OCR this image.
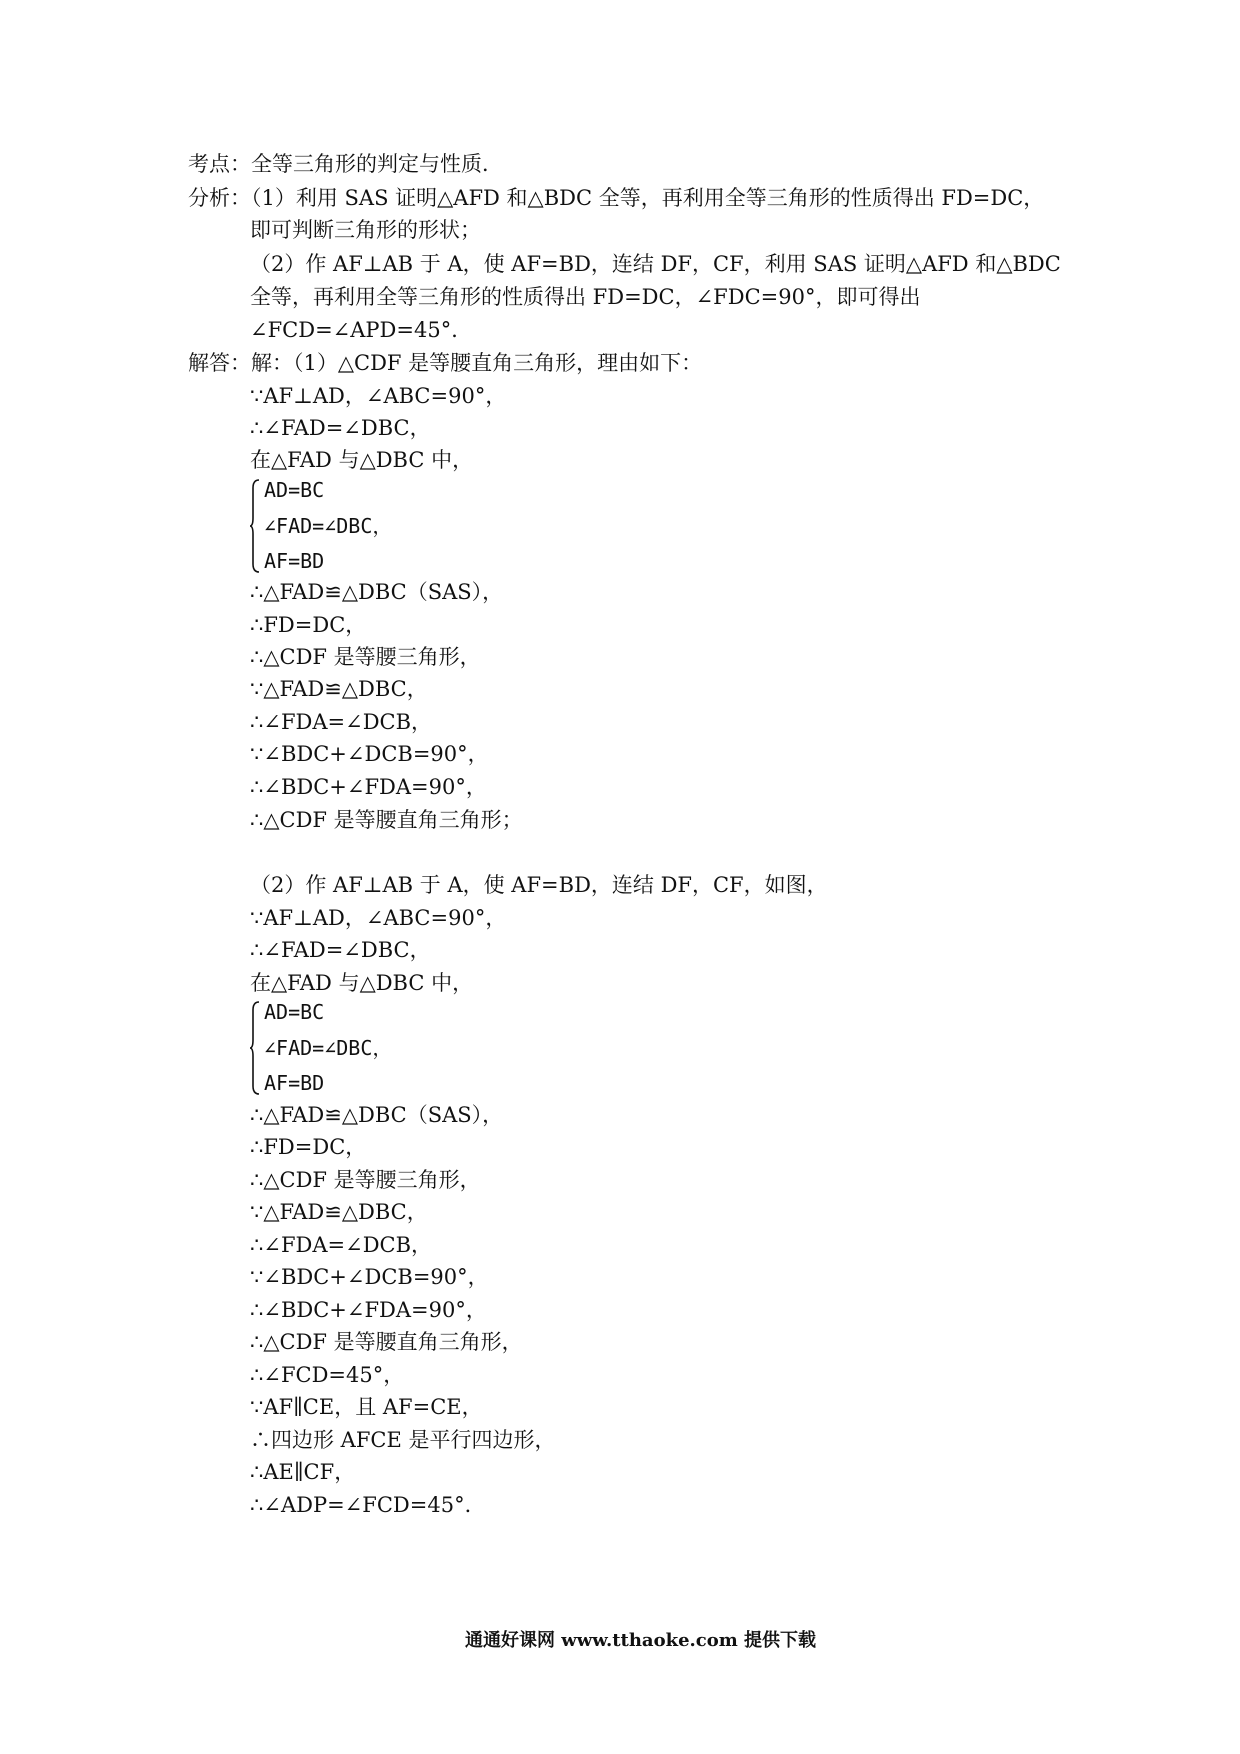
考点：全等三角形的判定与性质．
分析：（1）利用 SAS 证明△AFD 和△BDC 全等，再利用全等三角形的性质得出 FD=DC，
即可判断三角形的形状；
（2）作 AF⊥AB 于 A，使 AF=BD，连结 DF，CF，利用 SAS 证明△AFD 和△BDC
全等，再利用全等三角形的性质得出 FD=DC，∠FDC=90°，即可得出
∠FCD=∠APD=45°．
解答：解：（1）△CDF 是等腰直角三角形，理由如下：
∵AF⊥AD，∠ABC=90°，
∴∠FAD=∠DBC，
在△FAD 与△DBC 中，
AD=BC
∠FAD=∠DBC，
AF=BD
∴△FAD≌△DBC（SAS），
∴FD=DC，
∴△CDF 是等腰三角形，
∵△FAD≌△DBC，
∴∠FDA=∠DCB，
∵∠BDC+∠DCB=90°，
∴∠BDC+∠FDA=90°，
∴△CDF 是等腰直角三角形；
（2）作 AF⊥AB 于 A，使 AF=BD，连结 DF，CF，如图，
∵AF⊥AD，∠ABC=90°，
∴∠FAD=∠DBC，
在△FAD 与△DBC 中，
AD=BC
∠FAD=∠DBC，
AF=BD
∴△FAD≌△DBC（SAS），
∴FD=DC，
∴△CDF 是等腰三角形，
∵△FAD≌△DBC，
∴∠FDA=∠DCB，
∵∠BDC+∠DCB=90°，
∴∠BDC+∠FDA=90°，
∴△CDF 是等腰直角三角形，
∴∠FCD=45°，
∵AF∥CE，且 AF=CE，
∴四边形 AFCE 是平行四边形，
∴AE∥CF，
∴∠ADP=∠FCD=45°．
通通好课网 www.tthaoke.com 提供下载
